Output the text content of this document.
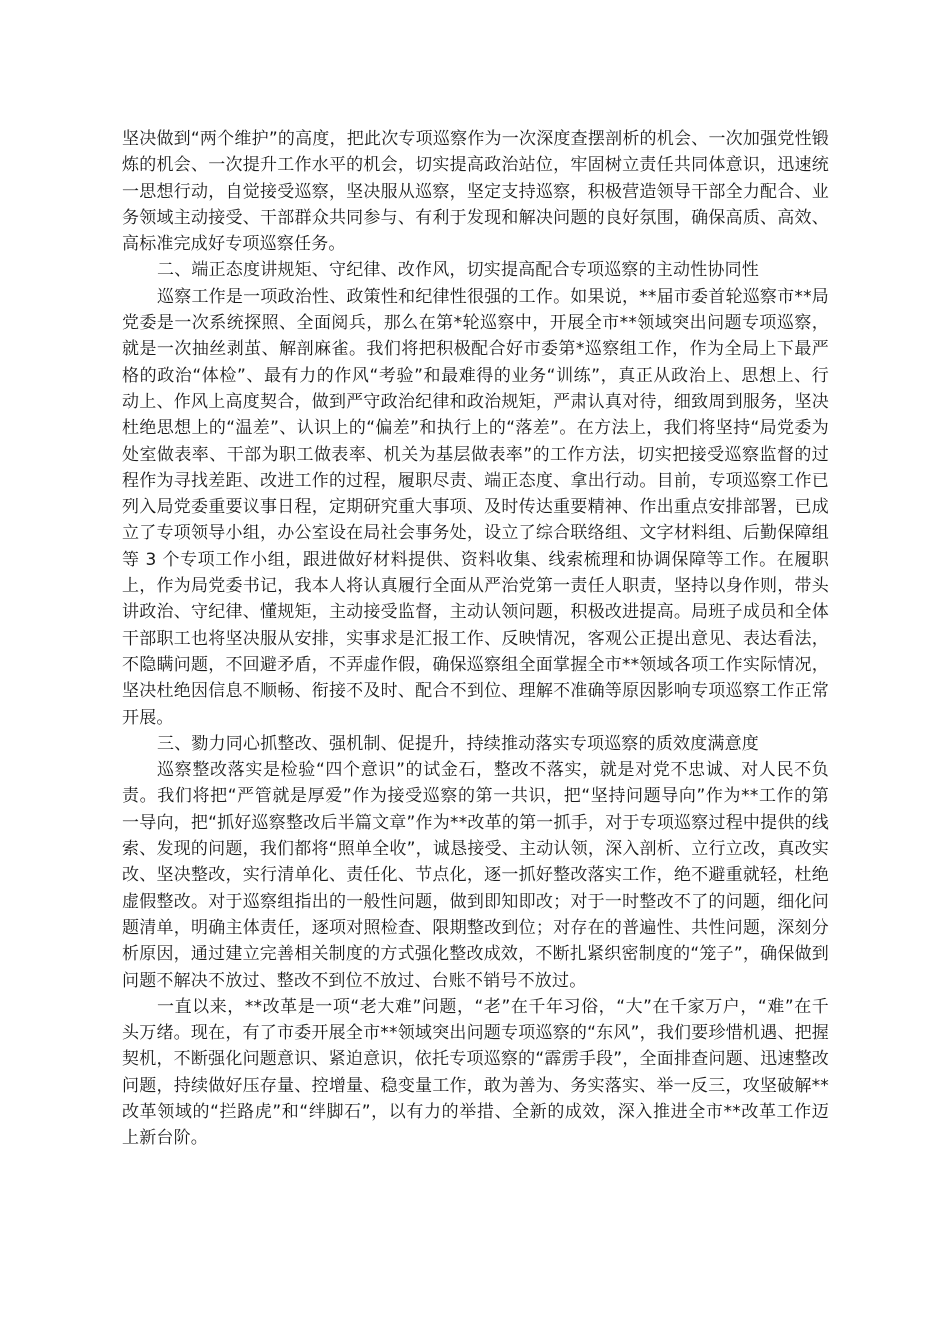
坚决做到“两个维护”的高度，把此次专项巡察作为一次深度查摆剖析的机会、一次加强党性锻炼的机会、一次提升工作水平的机会，切实提高政治站位，牢固树立责任共同体意识，迅速统一思想行动，自觉接受巡察，坚决服从巡察，坚定支持巡察，积极营造领导干部全力配合、业务领域主动接受、干部群众共同参与、有利于发现和解决问题的良好氛围，确保高质、高效、高标准完成好专项巡察任务。

二、端正态度讲规矩、守纪律、改作风，切实提高配合专项巡察的主动性协同性

巡察工作是一项政治性、政策性和纪律性很强的工作。如果说，**届市委首轮巡察市**局党委是一次系统探照、全面阅兵，那么在第*轮巡察中，开展全市**领域突出问题专项巡察，就是一次抽丝剥茧、解剖麻雀。我们将把积极配合好市委第*巡察组工作，作为全局上下最严格的政治“体检”、最有力的作风“考验”和最难得的业务“训练”，真正从政治上、思想上、行动上、作风上高度契合，做到严守政治纪律和政治规矩，严肃认真对待，细致周到服务，坚决杜绝思想上的“温差”、认识上的“偏差”和执行上的“落差”。在方法上，我们将坚持“局党委为处室做表率、干部为职工做表率、机关为基层做表率”的工作方法，切实把接受巡察监督的过程作为寻找差距、改进工作的过程，履职尽责、端正态度、拿出行动。目前，专项巡察工作已列入局党委重要议事日程，定期研究重大事项、及时传达重要精神、作出重点安排部署，已成立了专项领导小组，办公室设在局社会事务处，设立了综合联络组、文字材料组、后勤保障组等 3 个专项工作小组，跟进做好材料提供、资料收集、线索梳理和协调保障等工作。在履职上，作为局党委书记，我本人将认真履行全面从严治党第一责任人职责，坚持以身作则，带头讲政治、守纪律、懂规矩，主动接受监督，主动认领问题，积极改进提高。局班子成员和全体干部职工也将坚决服从安排，实事求是汇报工作、反映情况，客观公正提出意见、表达看法，不隐瞒问题，不回避矛盾，不弄虚作假，确保巡察组全面掌握全市**领域各项工作实际情况，坚决杜绝因信息不顺畅、衔接不及时、配合不到位、理解不准确等原因影响专项巡察工作正常开展。

三、勠力同心抓整改、强机制、促提升，持续推动落实专项巡察的质效度满意度

巡察整改落实是检验“四个意识”的试金石，整改不落实，就是对党不忠诚、对人民不负责。我们将把“严管就是厚爱”作为接受巡察的第一共识，把“坚持问题导向”作为**工作的第一导向，把“抓好巡察整改后半篇文章”作为**改革的第一抓手，对于专项巡察过程中提供的线索、发现的问题，我们都将“照单全收”，诚恳接受、主动认领，深入剖析、立行立改，真改实改、坚决整改，实行清单化、责任化、节点化，逐一抓好整改落实工作，绝不避重就轻，杜绝虚假整改。对于巡察组指出的一般性问题，做到即知即改；对于一时整改不了的问题，细化问题清单，明确主体责任，逐项对照检查、限期整改到位；对存在的普遍性、共性问题，深刻分析原因，通过建立完善相关制度的方式强化整改成效，不断扎紧织密制度的“笼子”，确保做到问题不解决不放过、整改不到位不放过、台账不销号不放过。

一直以来，**改革是一项“老大难”问题，“老”在千年习俗，“大”在千家万户，“难”在千头万绪。现在，有了市委开展全市**领域突出问题专项巡察的“东风”，我们要珍惜机遇、把握契机，不断强化问题意识、紧迫意识，依托专项巡察的“霹雳手段”，全面排查问题、迅速整改问题，持续做好压存量、控增量、稳变量工作，敢为善为、务实落实、举一反三，攻坚破解**改革领域的“拦路虎”和“绊脚石”，以有力的举措、全新的成效，深入推进全市**改革工作迈上新台阶。
